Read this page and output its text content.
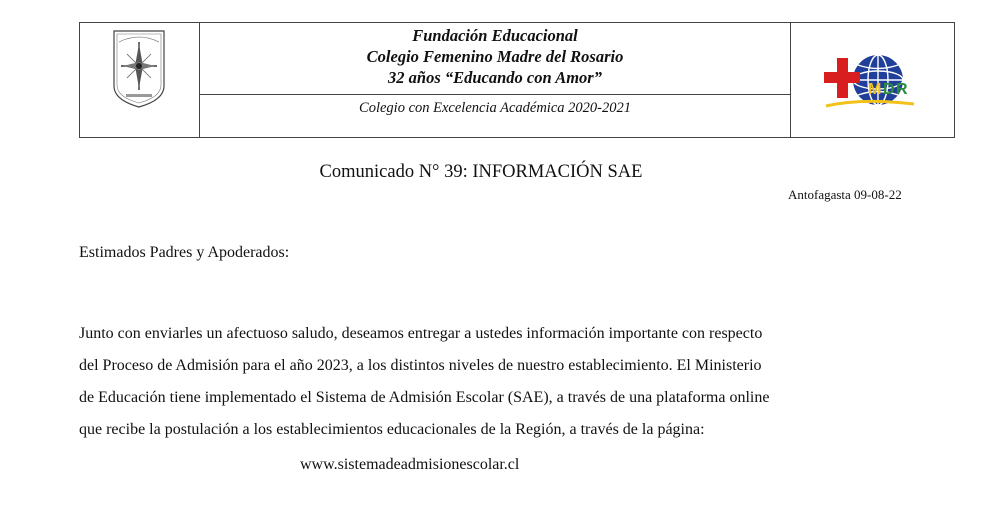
Fundación Educacional
Colegio Femenino Madre del Rosario
32 años “Educando con Amor”
Colegio con Excelencia Académica 2020-2021
M D R
Comunicado N° 39: INFORMACIÓN SAE
Antofagasta 09-08-22
Estimados Padres y Apoderados:
Junto con enviarles un afectuoso saludo, deseamos entregar a ustedes información importante con respecto
del Proceso de Admisión para el año 2023, a los distintos niveles de nuestro establecimiento. El Ministerio
de Educación tiene implementado el Sistema de Admisión Escolar (SAE), a través de una plataforma online
que recibe la postulación a los establecimientos educacionales de la Región, a través de la página:
www.sistemadeadmisionescolar.cl
